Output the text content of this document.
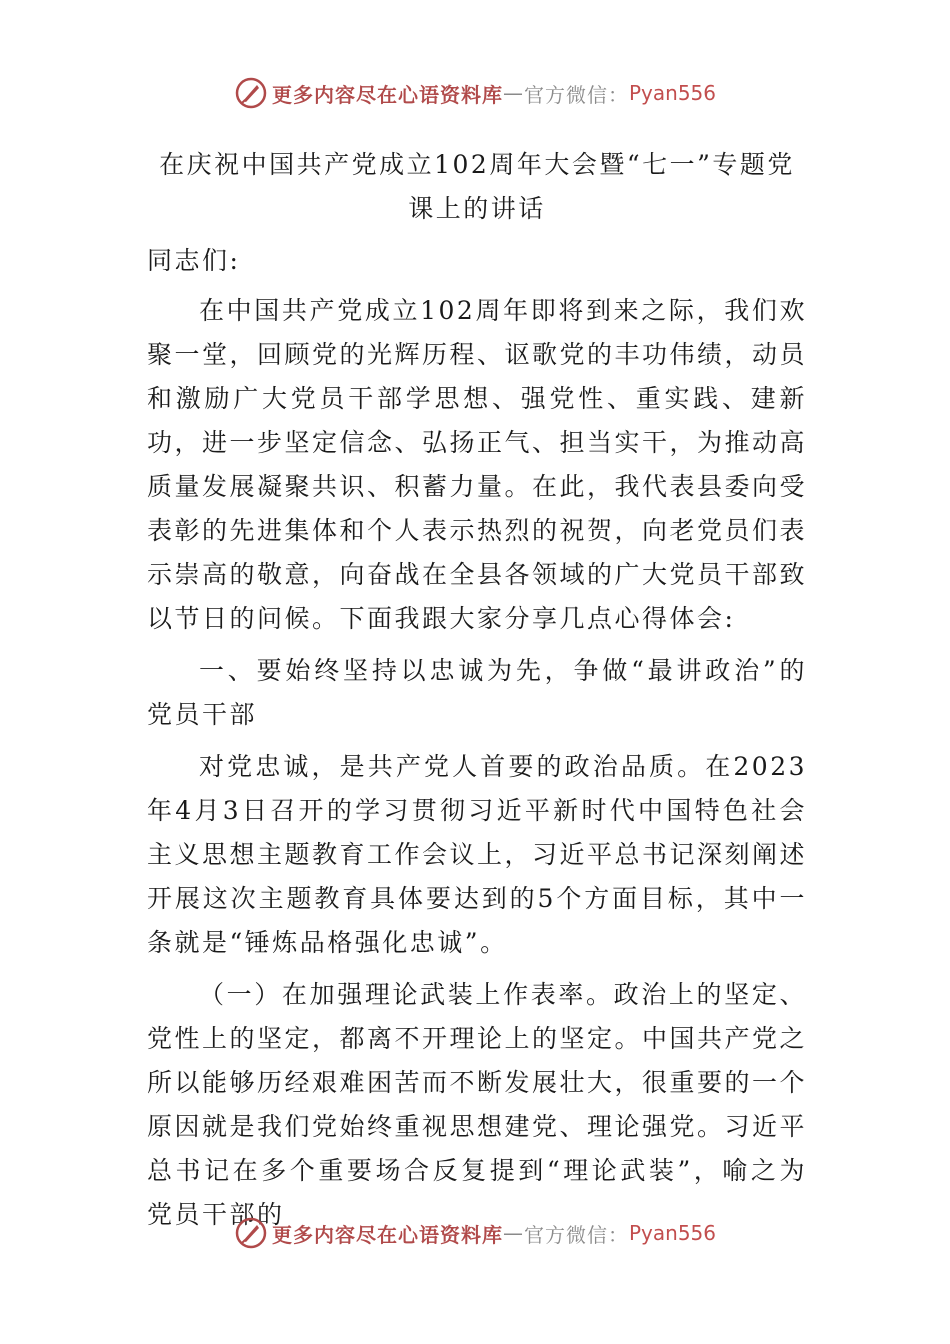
更多内容尽在心语资料库 — 官方微信： Pyan556
在庆祝中国共产党成立102周年大会暨“七一”专题党课上的讲话
同志们:

在中国共产党成立102周年即将到来之际，我们欢聚一堂，回顾党的光辉历程、讴歌党的丰功伟绩，动员和激励广大党员干部学思想、强党性、重实践、建新功，进一步坚定信念、弘扬正气、担当实干，为推动高质量发展凝聚共识、积蓄力量。在此，我代表县委向受表彰的先进集体和个人表示热烈的祝贺，向老党员们表示崇高的敬意，向奋战在全县各领域的广大党员干部致以节日的问候。下面我跟大家分享几点心得体会:

一、要始终坚持以忠诚为先，争做“最讲政治”的党员干部

对党忠诚，是共产党人首要的政治品质。在2023年4月3日召开的学习贯彻习近平新时代中国特色社会主义思想主题教育工作会议上，习近平总书记深刻阐述开展这次主题教育具体要达到的5个方面目标，其中一条就是“锤炼品格强化忠诚”。

（一）在加强理论武装上作表率。政治上的坚定、党性上的坚定，都离不开理论上的坚定。中国共产党之所以能够历经艰难困苦而不断发展壮大，很重要的一个原因就是我们党始终重视思想建党、理论强党。习近平总书记在多个重要场合反复提到“理论武装”，喻之为党员干部的

更多内容尽在心语资料库 — 官方微信： Pyan556
